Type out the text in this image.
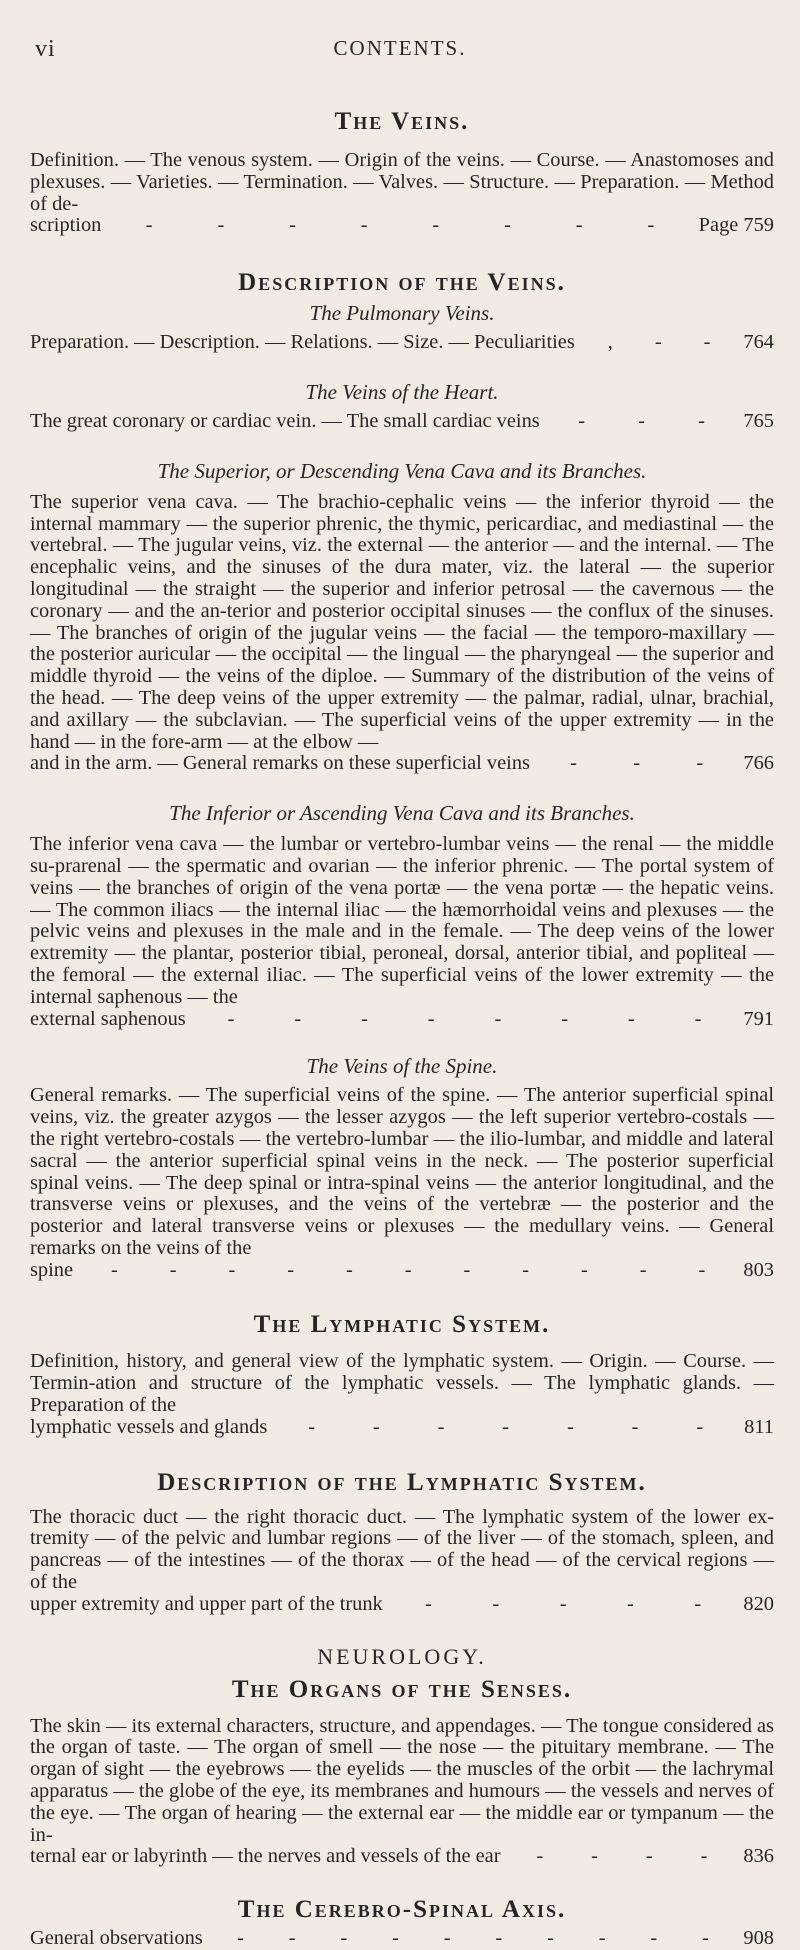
vi	CONTENTS.
The Veins.
Definition. — The venous system. — Origin of the veins. — Course. — Anastomoses and plexuses. — Varieties. — Termination. — Valves. — Structure. — Preparation. — Method of de-
scription -	-	-	-	-	-	-	- Page 759
Description of the Veins.

The Pulmonary Veins.

Preparation. — Description. — Relations. — Size. — Peculiarities , - - 764

The Veins of the Heart.

The great coronary or cardiac vein. — The small cardiac veins -	-	- 765

The Superior, or Descending Vena Cava and its Branches.

The superior vena cava. — The brachio-cephalic veins — the inferior thyroid — the internal mammary — the superior phrenic, the thymic, pericardiac, and mediastinal — the vertebral. — The jugular veins, viz. the external — the anterior — and the internal. — The encephalic veins, and the sinuses of the dura mater, viz. the lateral — the superior longitudinal — the straight — the superior and inferior petrosal — the cavernous — the coronary — and the an-terior and posterior occipital sinuses — the conflux of the sinuses. — The branches of origin of the jugular veins — the facial — the temporo-maxillary — the posterior auricular — the occipital — the lingual — the pharyngeal — the superior and middle thyroid — the veins of the diploe. — Summary of the distribution of the veins of the head. — The deep veins of the upper extremity — the palmar, radial, ulnar, brachial, and axillary — the subclavian. — The superficial veins of the upper extremity — in the hand — in the fore-arm — at the elbow —
and in the arm. — General remarks on these superficial veins -	-	- 766

The Inferior or Ascending Vena Cava and its Branches.

The inferior vena cava — the lumbar or vertebro-lumbar veins — the renal — the middle su-prarenal — the spermatic and ovarian — the inferior phrenic. — The portal system of veins — the branches of origin of the vena portæ — the vena portæ — the hepatic veins. — The common iliacs — the internal iliac — the hæmorrhoidal veins and plexuses — the pelvic veins and plexuses in the male and in the female. — The deep veins of the lower extremity — the plantar, posterior tibial, peroneal, dorsal, anterior tibial, and popliteal — the femoral — the external iliac. — The superficial veins of the lower extremity — the internal saphenous — the
external saphenous -	-	-	-	-	-	-	- 791

The Veins of the Spine.

General remarks. — The superficial veins of the spine. — The anterior superficial spinal veins, viz. the greater azygos — the lesser azygos — the left superior vertebro-costals — the right vertebro-costals — the vertebro-lumbar — the ilio-lumbar, and middle and lateral sacral — the anterior superficial spinal veins in the neck. — The posterior superficial spinal veins. — The deep spinal or intra-spinal veins — the anterior longitudinal, and the transverse veins or plexuses, and the veins of the vertebræ — the posterior and the posterior and lateral transverse veins or plexuses — the medullary veins. — General remarks on the veins of the
spine -	-	-	-	-	-	-	-	-	-	- 803
The Lymphatic System.
Definition, history, and general view of the lymphatic system. — Origin. — Course. — Termin-ation and structure of the lymphatic vessels. — The lymphatic glands. — Preparation of the
lymphatic vessels and glands -	-	-	-	-	-	- 811
Description of the Lymphatic System.
The thoracic duct — the right thoracic duct. — The lymphatic system of the lower ex-tremity — of the pelvic and lumbar regions — of the liver — of the stomach, spleen, and pancreas — of the intestines — of the thorax — of the head — of the cervical regions — of the
upper extremity and upper part of the trunk -	-	-	-	- 820
NEUROLOGY.
The Organs of the Senses.
The skin — its external characters, structure, and appendages. — The tongue considered as the organ of taste. — The organ of smell — the nose — the pituitary membrane. — The organ of sight — the eyebrows — the eyelids — the muscles of the orbit — the lachrymal apparatus — the globe of the eye, its membranes and humours — the vessels and nerves of the eye. — The organ of hearing — the external ear — the middle ear or tympanum — the in-
ternal ear or labyrinth — the nerves and vessels of the ear - - - - 836
The Cerebro-Spinal Axis.
General observations - - - - - - - - - - 908
